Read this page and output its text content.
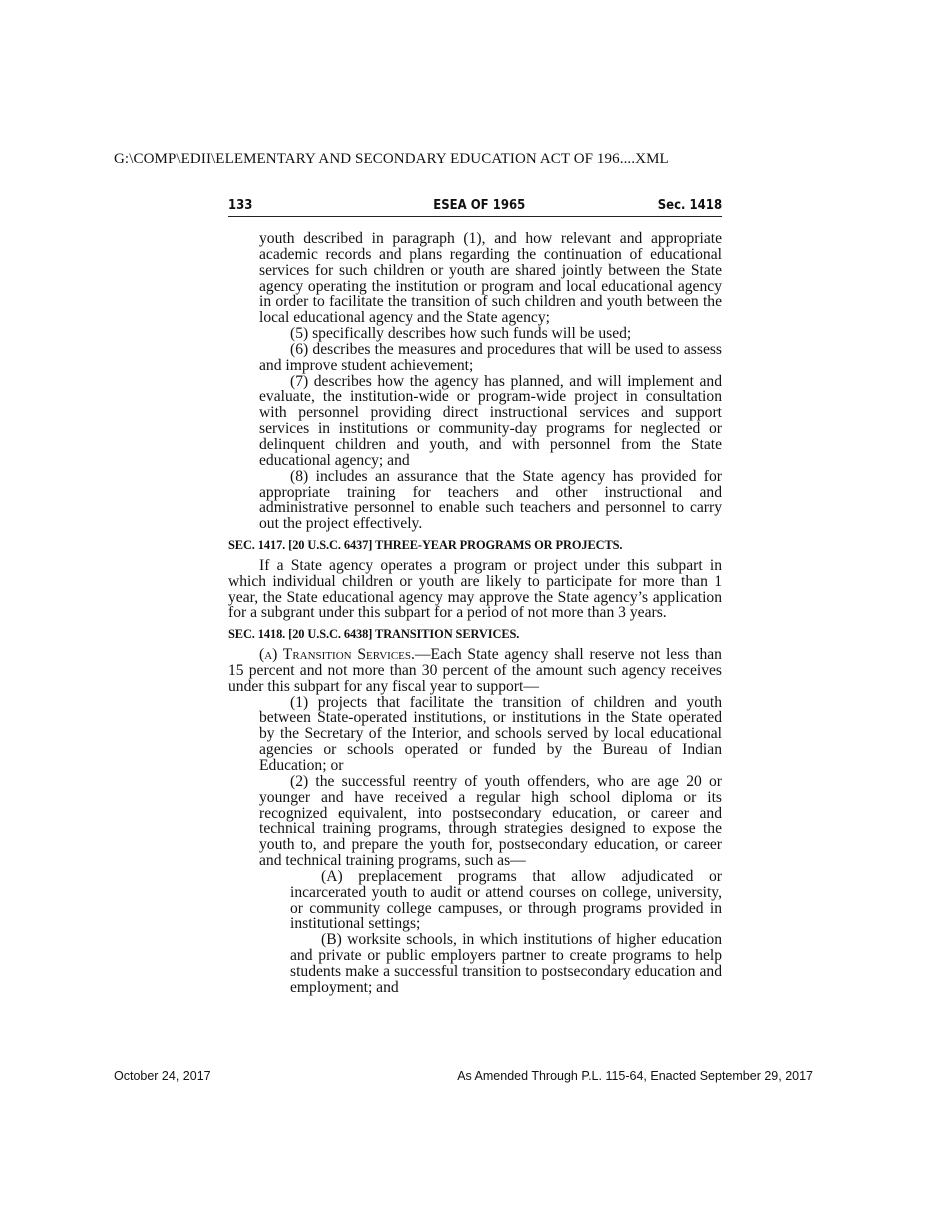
G:\COMP\EDII\ELEMENTARY AND SECONDARY EDUCATION ACT OF 196....XML
133	ESEA OF 1965	Sec. 1418

youth described in paragraph (1), and how relevant and appropriate academic records and plans regarding the continuation of educational services for such children or youth are shared jointly between the State agency operating the institution or program and local educational agency in order to facilitate the transition of such children and youth between the local educational agency and the State agency;

(5) specifically describes how such funds will be used;

(6) describes the measures and procedures that will be used to assess and improve student achievement;

(7) describes how the agency has planned, and will implement and evaluate, the institution-wide or program-wide project in consultation with personnel providing direct instructional services and support services in institutions or community-day programs for neglected or delinquent children and youth, and with personnel from the State educational agency; and

(8) includes an assurance that the State agency has provided for appropriate training for teachers and other instructional and administrative personnel to enable such teachers and personnel to carry out the project effectively.

SEC. 1417. [20 U.S.C. 6437] THREE-YEAR PROGRAMS OR PROJECTS.

If a State agency operates a program or project under this subpart in which individual children or youth are likely to participate for more than 1 year, the State educational agency may approve the State agency’s application for a subgrant under this subpart for a period of not more than 3 years.

SEC. 1418. [20 U.S.C. 6438] TRANSITION SERVICES.

(a) Transition Services.—Each State agency shall reserve not less than 15 percent and not more than 30 percent of the amount such agency receives under this subpart for any fiscal year to support—

(1) projects that facilitate the transition of children and youth between State-operated institutions, or institutions in the State operated by the Secretary of the Interior, and schools served by local educational agencies or schools operated or funded by the Bureau of Indian Education; or

(2) the successful reentry of youth offenders, who are age 20 or younger and have received a regular high school diploma or its recognized equivalent, into postsecondary education, or career and technical training programs, through strategies designed to expose the youth to, and prepare the youth for, postsecondary education, or career and technical training programs, such as—

(A) preplacement programs that allow adjudicated or incarcerated youth to audit or attend courses on college, university, or community college campuses, or through programs provided in institutional settings;

(B) worksite schools, in which institutions of higher education and private or public employers partner to create programs to help students make a successful transition to postsecondary education and employment; and

October 24, 2017	As Amended Through P.L. 115-64, Enacted September 29, 2017
